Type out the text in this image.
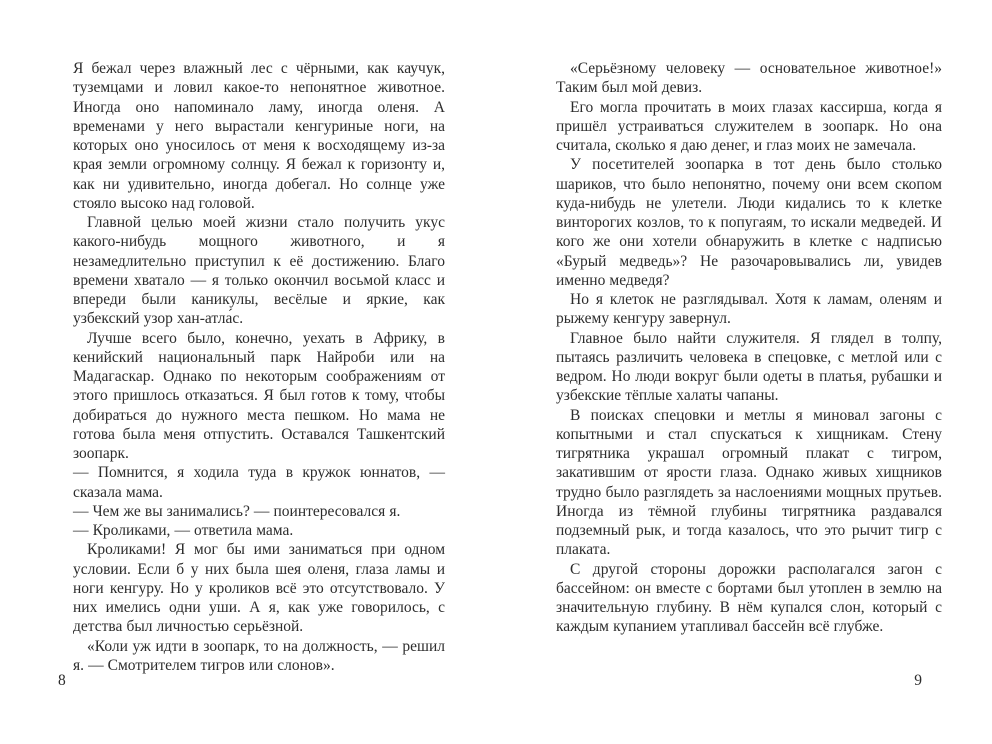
Я бежал через влажный лес с чёрными, как каучук, туземцами и ловил какое-то непонятное животное. Иногда оно напоминало ламу, иногда оленя. А временами у него вырастали кенгуриные ноги, на которых оно уносилось от меня к восходящему из-за края земли огромному солнцу. Я бежал к горизонту и, как ни удивительно, иногда добегал. Но солнце уже стояло высоко над головой.

Главной целью моей жизни стало получить укус какого-нибудь мощного животного, и я незамедлительно приступил к её достижению. Благо времени хватало — я только окончил восьмой класс и впереди были каникулы, весёлые и яркие, как узбекский узор хан-атла́с.

Лучше всего было, конечно, уехать в Африку, в кенийский национальный парк Найроби или на Мадагаскар. Однако по некоторым соображениям от этого пришлось отказаться. Я был готов к тому, чтобы добираться до нужного места пешком. Но мама не готова была меня отпустить. Оставался Ташкентский зоопарк.

— Помнится, я ходила туда в кружок юннатов, — сказала мама.

— Чем же вы занимались? — поинтересовался я.

— Кроликами, — ответила мама.

Кроликами! Я мог бы ими заниматься при одном условии. Если б у них была шея оленя, глаза ламы и ноги кенгуру. Но у кроликов всё это отсутствовало. У них имелись одни уши. А я, как уже говорилось, с детства был личностью серьёзной.

«Коли уж идти в зоопарк, то на должность, — решил я. — Смотрителем тигров или слонов».

«Серьёзному человеку — основательное животное!» Таким был мой девиз.

Его могла прочитать в моих глазах кассирша, когда я пришёл устраиваться служителем в зоопарк. Но она считала, сколько я даю денег, и глаз моих не замечала.

У посетителей зоопарка в тот день было столько шариков, что было непонятно, почему они всем скопом куда-нибудь не улетели. Люди кидались то к клетке винторогих козлов, то к попугаям, то искали медведей. И кого же они хотели обнаружить в клетке с надписью «Бурый медведь»? Не разочаровывались ли, увидев именно медведя?

Но я клеток не разглядывал. Хотя к ламам, оленям и рыжему кенгуру завернул.

Главное было найти служителя. Я глядел в толпу, пытаясь различить человека в спецовке, с метлой или с ведром. Но люди вокруг были одеты в платья, рубашки и узбекские тёплые халаты чапаны.

В поисках спецовки и метлы я миновал загоны с копытными и стал спускаться к хищникам. Стену тигрятника украшал огромный плакат с тигром, закатившим от ярости глаза. Однако живых хищников трудно было разглядеть за наслоениями мощных прутьев. Иногда из тёмной глубины тигрятника раздавался подземный рык, и тогда казалось, что это рычит тигр с плаката.

С другой стороны дорожки располагался загон с бассейном: он вместе с бортами был утоплен в землю на значительную глубину. В нём купался слон, который с каждым купанием утапливал бассейн всё глубже.

8	9
